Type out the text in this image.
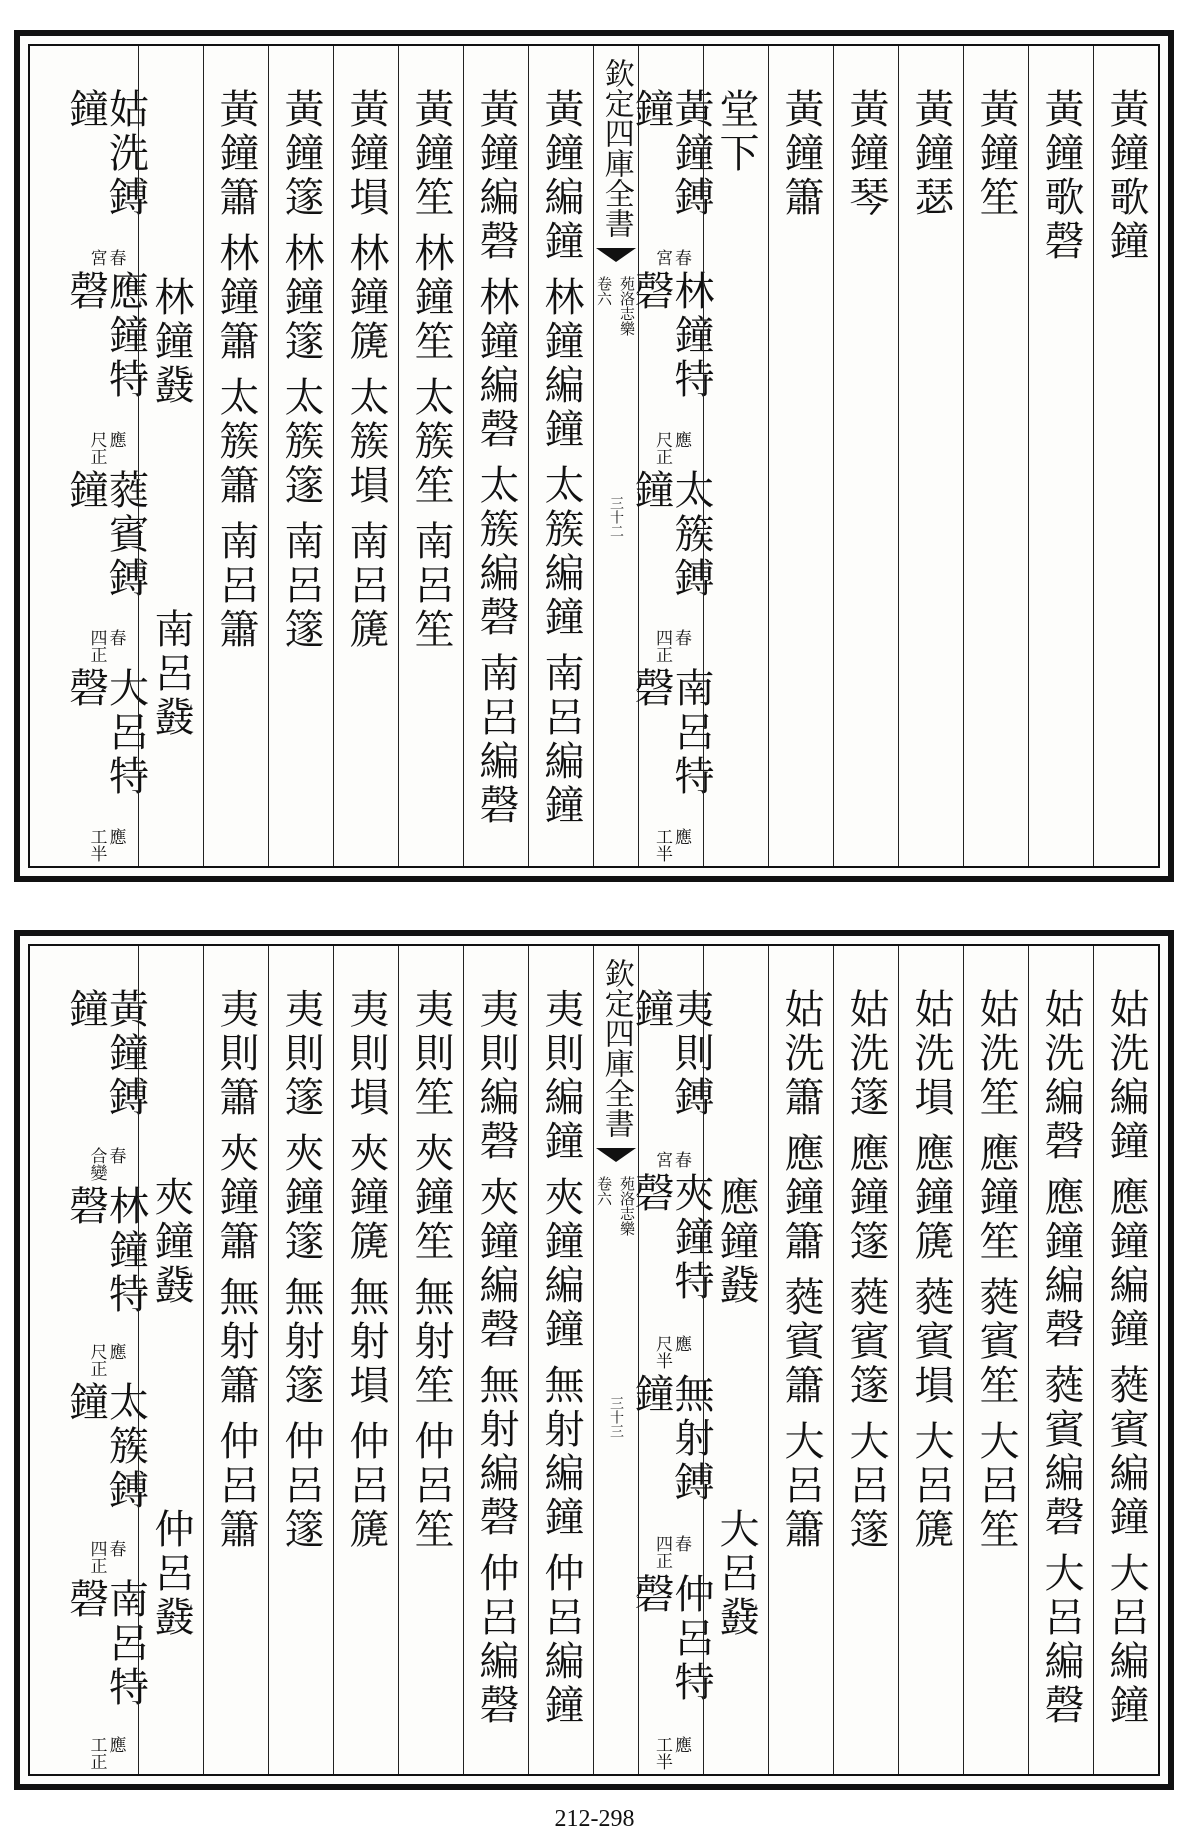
黃鐘歌鐘
黃鐘歌磬
黃鐘笙
黃鐘瑟
黃鐘琴
黃鐘簫
堂下
黃鐘鎛鐘
春
宮
林鐘特磬
應
尺正
太簇鎛鐘
春
四正
南呂特磬
應
工半
欽定四庫全書
苑洛志樂
卷六
三十二
黃鐘編鐘
林鐘編鐘
太簇編鐘
南呂編鐘
黃鐘編磬
林鐘編磬
太簇編磬
南呂編磬
黃鐘笙
林鐘笙
太簇笙
南呂笙
黃鐘塤
林鐘篪
太簇塤
南呂篪
黃鐘篴
林鐘篴
太簇篴
南呂篴
黃鐘簫
林鐘簫
太簇簫
南呂簫
林鐘鼗
南呂鼗
姑洗鎛鐘
春
宮
應鐘特磬
應
尺正
蕤賓鎛鐘
春
四正
大呂特磬
應
工半
姑洗編鐘
應鐘編鐘
蕤賓編鐘
大呂編鐘
姑洗編磬
應鐘編磬
蕤賓編磬
大呂編磬
姑洗笙
應鐘笙
蕤賓笙
大呂笙
姑洗塤
應鐘篪
蕤賓塤
大呂篪
姑洗篴
應鐘篴
蕤賓篴
大呂篴
姑洗簫
應鐘簫
蕤賓簫
大呂簫
應鐘鼗
大呂鼗
夷則鎛鐘
春
宮
夾鐘特磬
應
尺半
無射鎛鐘
春
四正
仲呂特磬
應
工半
欽定四庫全書
苑洛志樂
卷六
三十三
夷則編鐘
夾鐘編鐘
無射編鐘
仲呂編鐘
夷則編磬
夾鐘編磬
無射編磬
仲呂編磬
夷則笙
夾鐘笙
無射笙
仲呂笙
夷則塤
夾鐘篪
無射塤
仲呂篪
夷則篴
夾鐘篴
無射篴
仲呂篴
夷則簫
夾鐘簫
無射簫
仲呂簫
夾鐘鼗
仲呂鼗
黃鐘鎛鐘
春
合變
林鐘特磬
應
尺正
太簇鎛鐘
春
四正
南呂特磬
應
工正
212-298
